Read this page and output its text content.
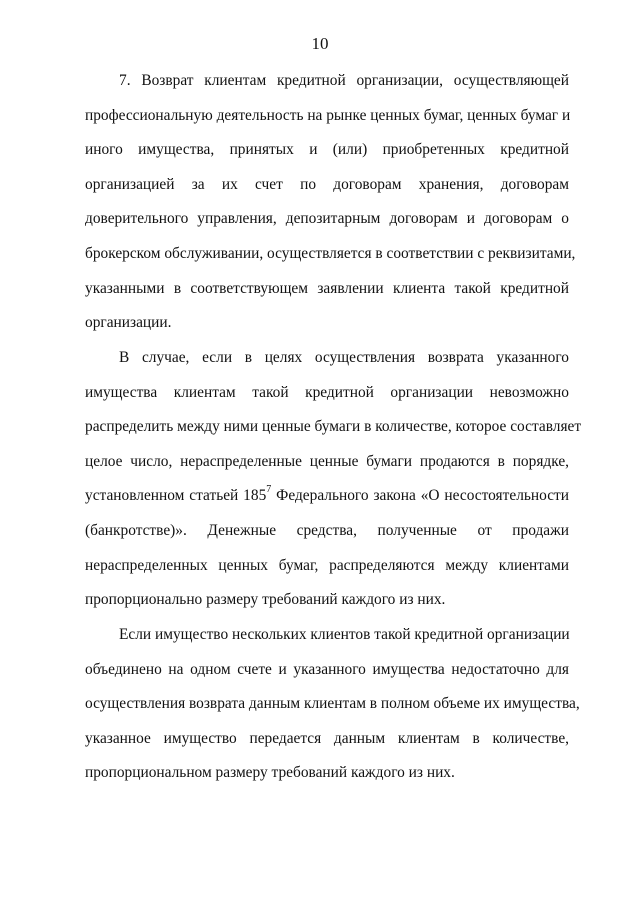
10
7. Возврат клиентам кредитной организации, осуществляющей
профессиональную деятельность на рынке ценных бумаг, ценных бумаг и
иного имущества, принятых и (или) приобретенных кредитной
организацией за их счет по договорам хранения, договорам
доверительного управления, депозитарным договорам и договорам о
брокерском обслуживании, осуществляется в соответствии с реквизитами,
указанными в соответствующем заявлении клиента такой кредитной
организации.
В случае, если в целях осуществления возврата указанного
имущества клиентам такой кредитной организации невозможно
распределить между ними ценные бумаги в количестве, которое составляет
целое число, нераспределенные ценные бумаги продаются в порядке,
установленном статьей $185^7$ Федерального закона «О несостоятельности
(банкротстве)». Денежные средства, полученные от продажи
нераспределенных ценных бумаг, распределяются между клиентами
пропорционально размеру требований каждого из них.
Если имущество нескольких клиентов такой кредитной организации
объединено на одном счете и указанного имущества недостаточно для
осуществления возврата данным клиентам в полном объеме их имущества,
указанное имущество передается данным клиентам в количестве,
пропорциональном размеру требований каждого из них.
